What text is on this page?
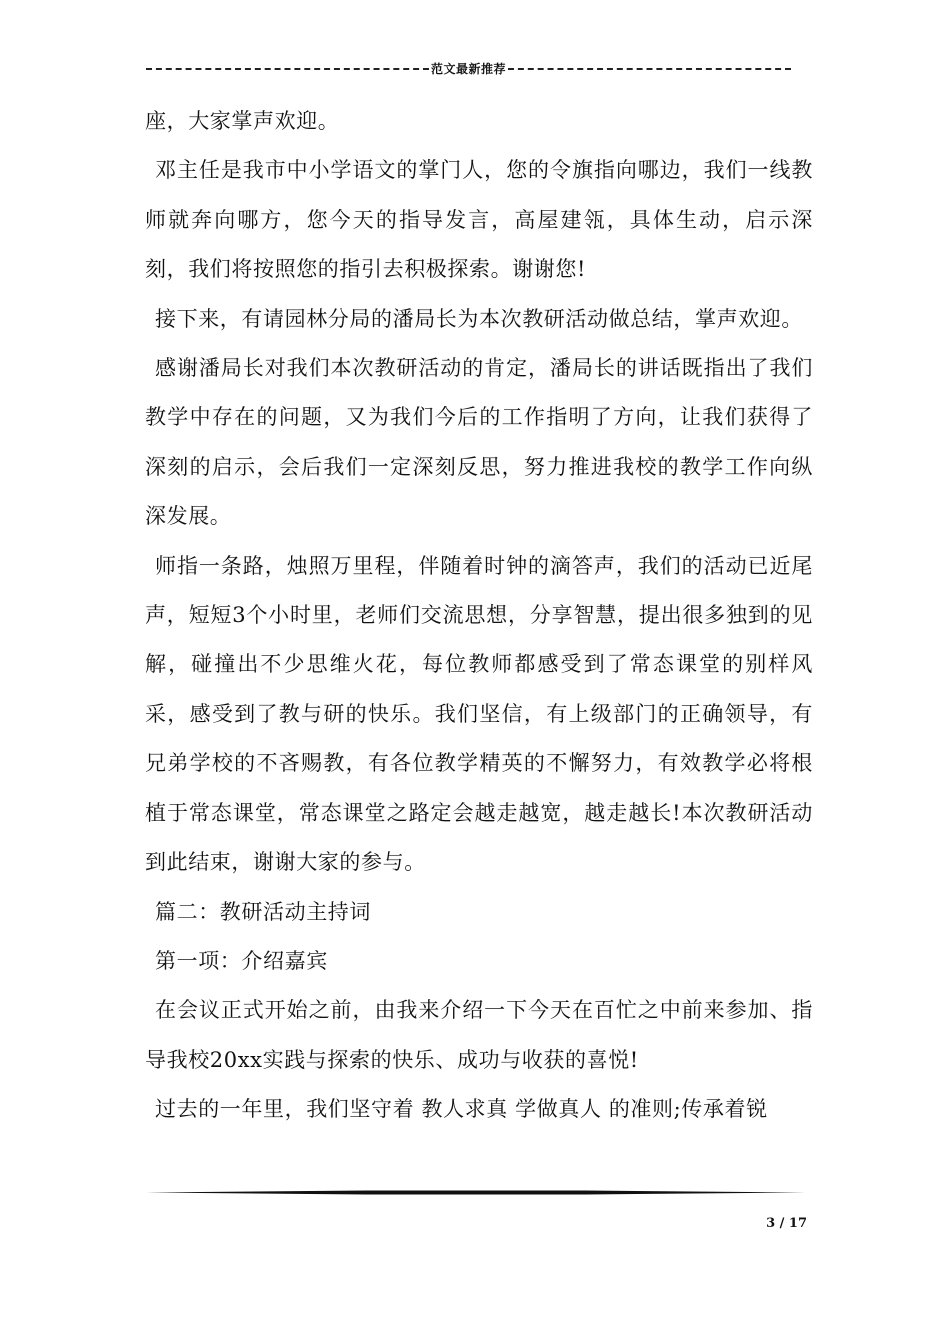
范文最新推荐

座，大家掌声欢迎。

邓主任是我市中小学语文的掌门人，您的令旗指向哪边，我们一线教师就奔向哪方，您今天的指导发言，高屋建瓴，具体生动，启示深刻，我们将按照您的指引去积极探索。谢谢您!

接下来，有请园林分局的潘局长为本次教研活动做总结，掌声欢迎。

感谢潘局长对我们本次教研活动的肯定，潘局长的讲话既指出了我们教学中存在的问题，又为我们今后的工作指明了方向，让我们获得了深刻的启示，会后我们一定深刻反思，努力推进我校的教学工作向纵深发展。

师指一条路，烛照万里程，伴随着时钟的滴答声，我们的活动已近尾声，短短3个小时里，老师们交流思想，分享智慧，提出很多独到的见解，碰撞出不少思维火花，每位教师都感受到了常态课堂的别样风采，感受到了教与研的快乐。我们坚信，有上级部门的正确领导，有兄弟学校的不吝赐教，有各位教学精英的不懈努力，有效教学必将根植于常态课堂，常态课堂之路定会越走越宽，越走越长!本次教研活动到此结束，谢谢大家的参与。

篇二：教研活动主持词

第一项：介绍嘉宾

在会议正式开始之前，由我来介绍一下今天在百忙之中前来参加、指导我校20xx实践与探索的快乐、成功与收获的喜悦!

过去的一年里，我们坚守着 教人求真 学做真人 的准则;传承着锐

3 / 17
